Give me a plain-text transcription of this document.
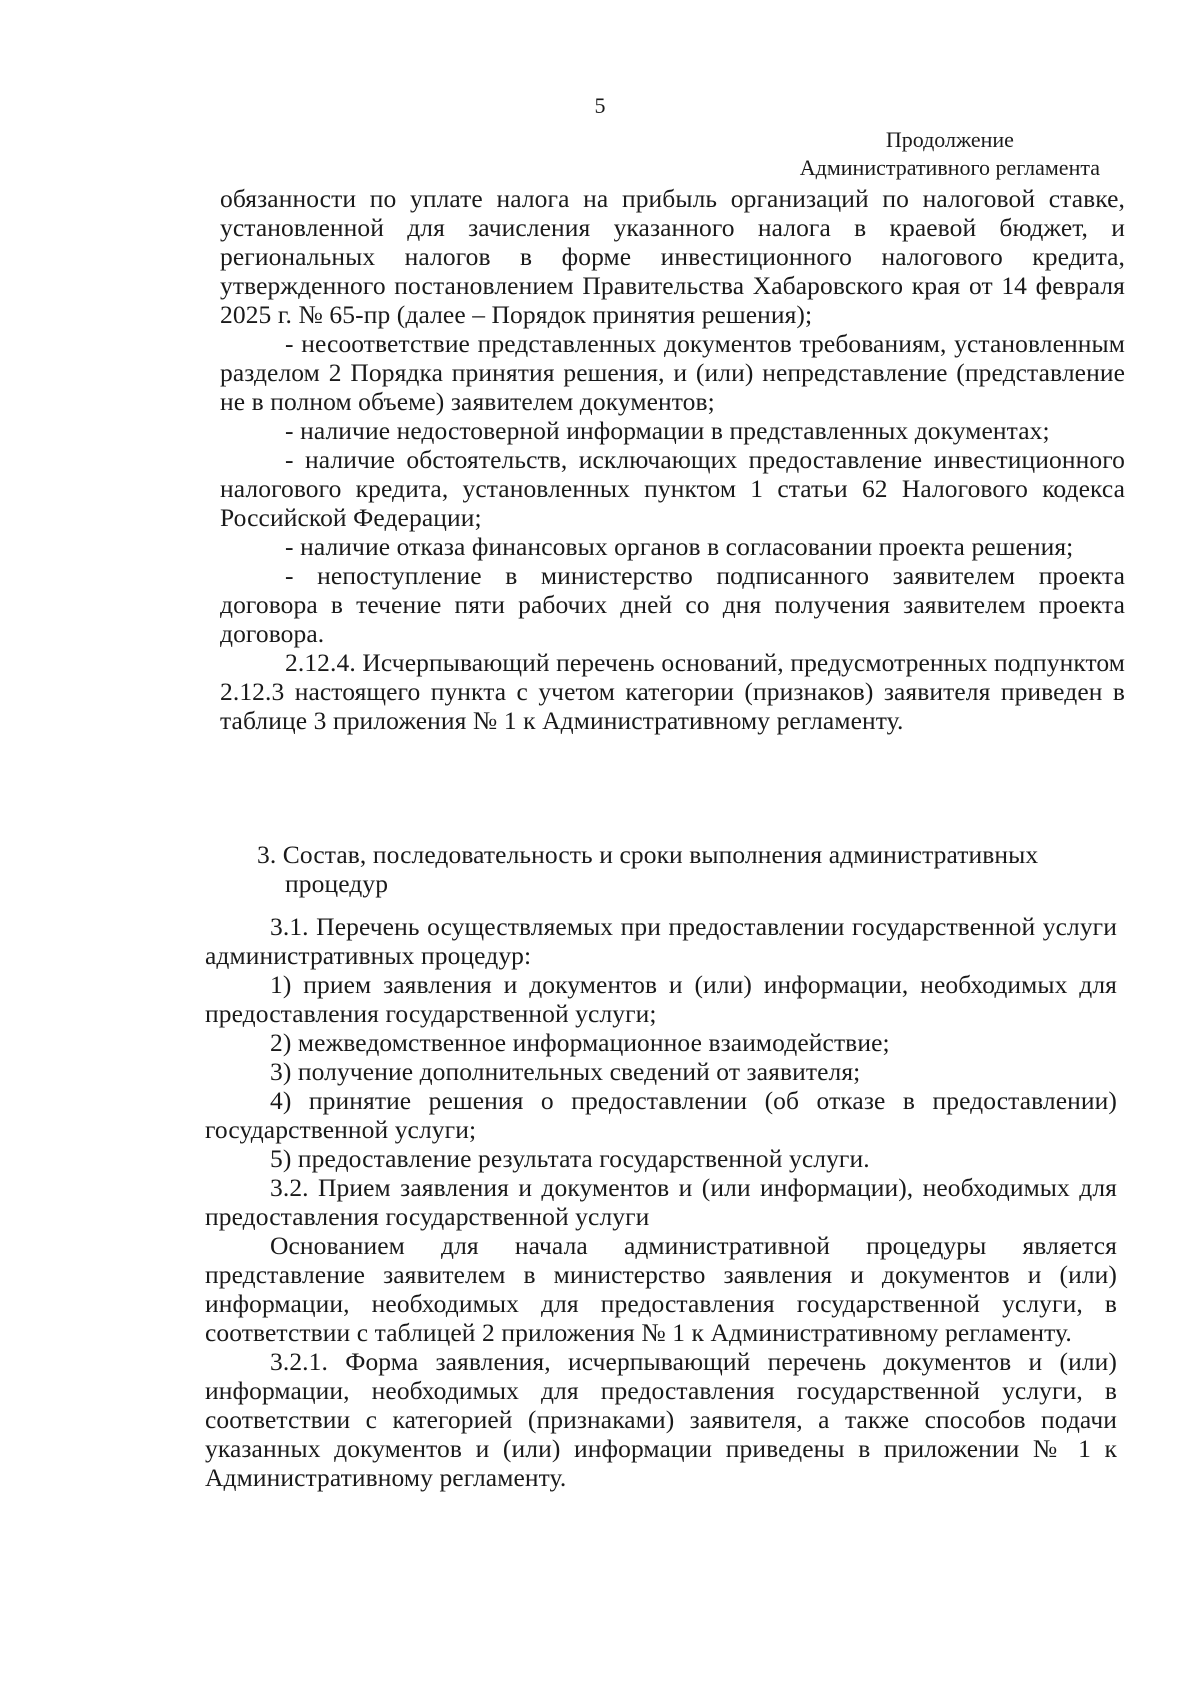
5
Продолжение
Административного регламента

обязанности по уплате налога на прибыль организаций по налоговой ставке, установленной для зачисления указанного налога в краевой бюджет, и региональных налогов в форме инвестиционного налогового кредита, утвержденного постановлением Правительства Хабаровского края от 14 февраля 2025 г. № 65-пр (далее – Порядок принятия решения);

- несоответствие представленных документов требованиям, установленным разделом 2 Порядка принятия решения, и (или) непредставление (представление не в полном объеме) заявителем документов;

- наличие недостоверной информации в представленных документах;

- наличие обстоятельств, исключающих предоставление инвестиционного налогового кредита, установленных пунктом 1 статьи 62 Налогового кодекса Российской Федерации;

- наличие отказа финансовых органов в согласовании проекта решения;

- непоступление в министерство подписанного заявителем проекта договора в течение пяти рабочих дней со дня получения заявителем проекта договора.

2.12.4. Исчерпывающий перечень оснований, предусмотренных подпунктом 2.12.3 настоящего пункта с учетом категории (признаков) заявителя приведен в таблице 3 приложения № 1 к Административному регламенту.

3. Состав, последовательность и сроки выполнения административных процедур

3.1. Перечень осуществляемых при предоставлении государственной услуги административных процедур:

1) прием заявления и документов и (или) информации, необходимых для предоставления государственной услуги;

2) межведомственное информационное взаимодействие;

3) получение дополнительных сведений от заявителя;

4) принятие решения о предоставлении (об отказе в предоставлении) государственной услуги;

5) предоставление результата государственной услуги.

3.2. Прием заявления и документов и (или информации), необходимых для предоставления государственной услуги

Основанием для начала административной процедуры является представление заявителем в министерство заявления и документов и (или) информации, необходимых для предоставления государственной услуги, в соответствии с таблицей 2 приложения № 1 к Административному регламенту.

3.2.1. Форма заявления, исчерпывающий перечень документов и (или) информации, необходимых для предоставления государственной услуги, в соответствии с категорией (признаками) заявителя, а также способов подачи указанных документов и (или) информации приведены в приложении № 1 к Административному регламенту.
